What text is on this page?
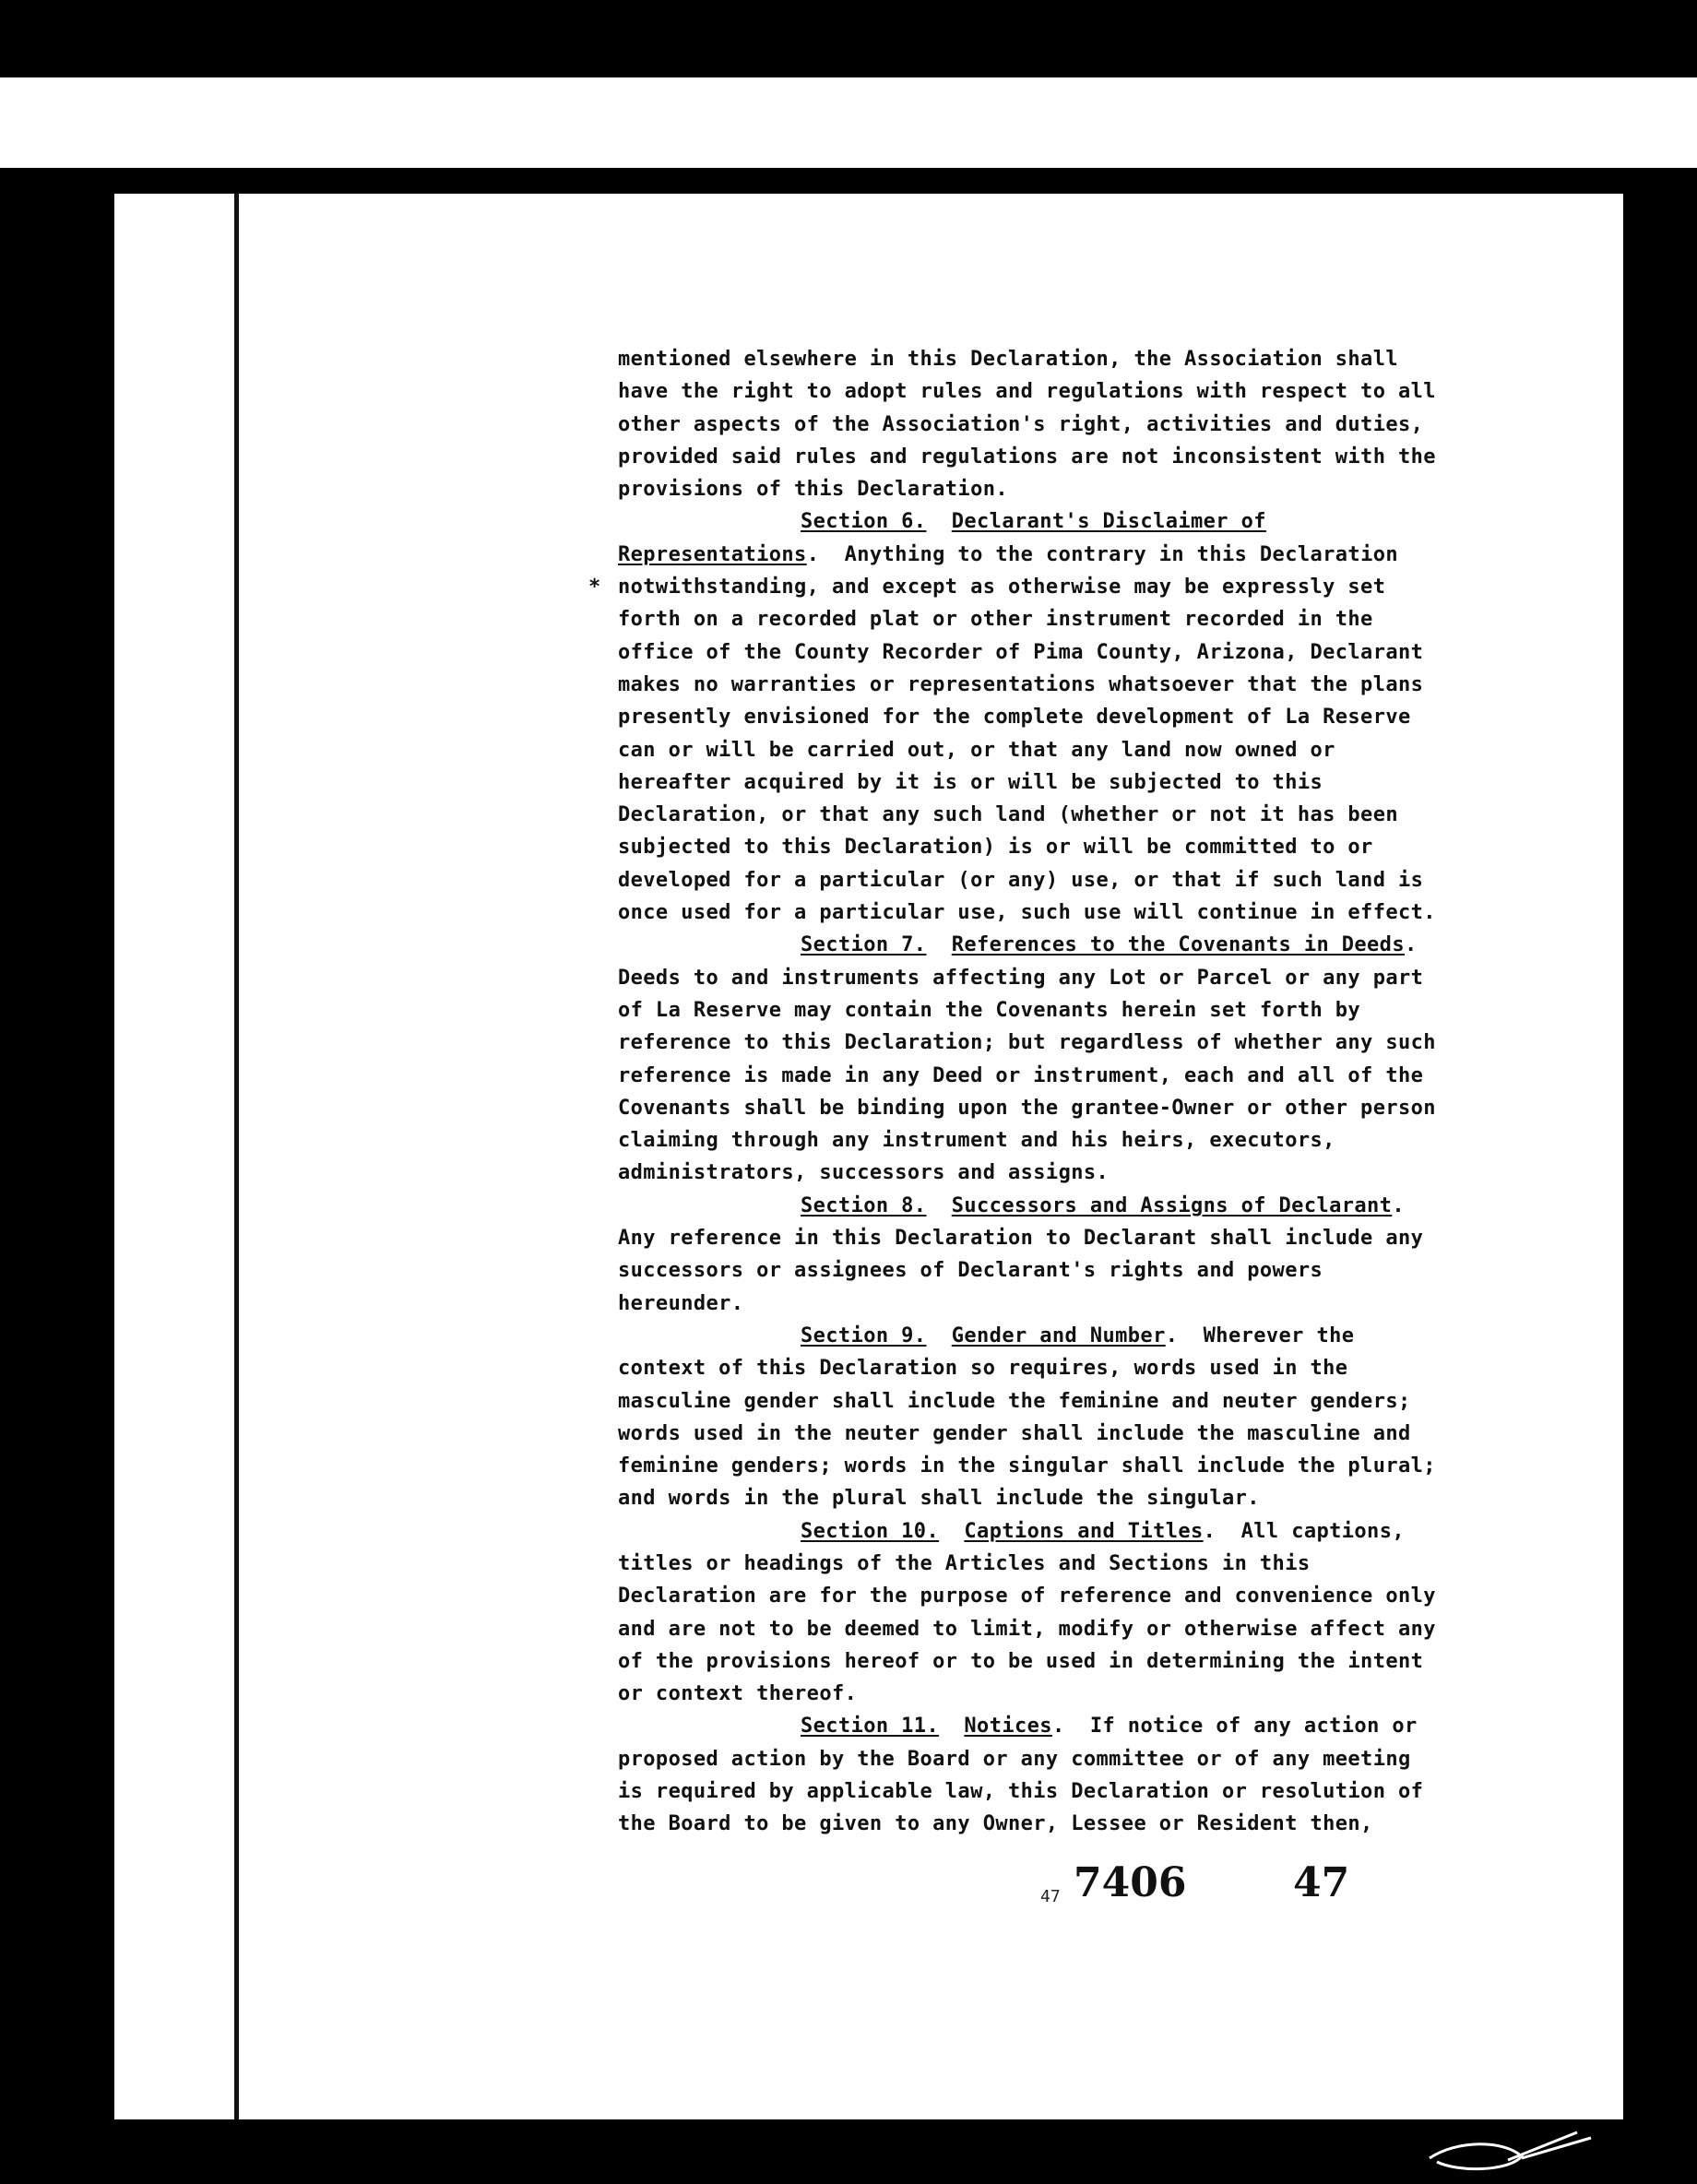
mentioned elsewhere in this Declaration, the Association shall
have the right to adopt rules and regulations with respect to all
other aspects of the Association's right, activities and duties,
provided said rules and regulations are not inconsistent with the
provisions of this Declaration.
Section 6. Declarant's Disclaimer of
Representations.  Anything to the contrary in this Declaration
* notwithstanding, and except as otherwise may be expressly set
forth on a recorded plat or other instrument recorded in the
office of the County Recorder of Pima County, Arizona, Declarant
makes no warranties or representations whatsoever that the plans
presently envisioned for the complete development of La Reserve
can or will be carried out, or that any land now owned or
hereafter acquired by it is or will be subjected to this
Declaration, or that any such land (whether or not it has been
subjected to this Declaration) is or will be committed to or
developed for a particular (or any) use, or that if such land is
once used for a particular use, such use will continue in effect.
Section 7. References to the Covenants in Deeds.
Deeds to and instruments affecting any Lot or Parcel or any part
of La Reserve may contain the Covenants herein set forth by
reference to this Declaration; but regardless of whether any such
reference is made in any Deed or instrument, each and all of the
Covenants shall be binding upon the grantee-Owner or other person
claiming through any instrument and his heirs, executors,
administrators, successors and assigns.
Section 8. Successors and Assigns of Declarant.
Any reference in this Declaration to Declarant shall include any
successors or assignees of Declarant's rights and powers
hereunder.
Section 9. Gender and Number.  Wherever the
context of this Declaration so requires, words used in the
masculine gender shall include the feminine and neuter genders;
words used in the neuter gender shall include the masculine and
feminine genders; words in the singular shall include the plural;
and words in the plural shall include the singular.
Section 10. Captions and Titles.  All captions,
titles or headings of the Articles and Sections in this
Declaration are for the purpose of reference and convenience only
and are not to be deemed to limit, modify or otherwise affect any
of the provisions hereof or to be used in determining the intent
or context thereof.
Section 11. Notices.  If notice of any action or
proposed action by the Board or any committee or of any meeting
is required by applicable law, this Declaration or resolution of
the Board to be given to any Owner, Lessee or Resident then,
47 7406	47
